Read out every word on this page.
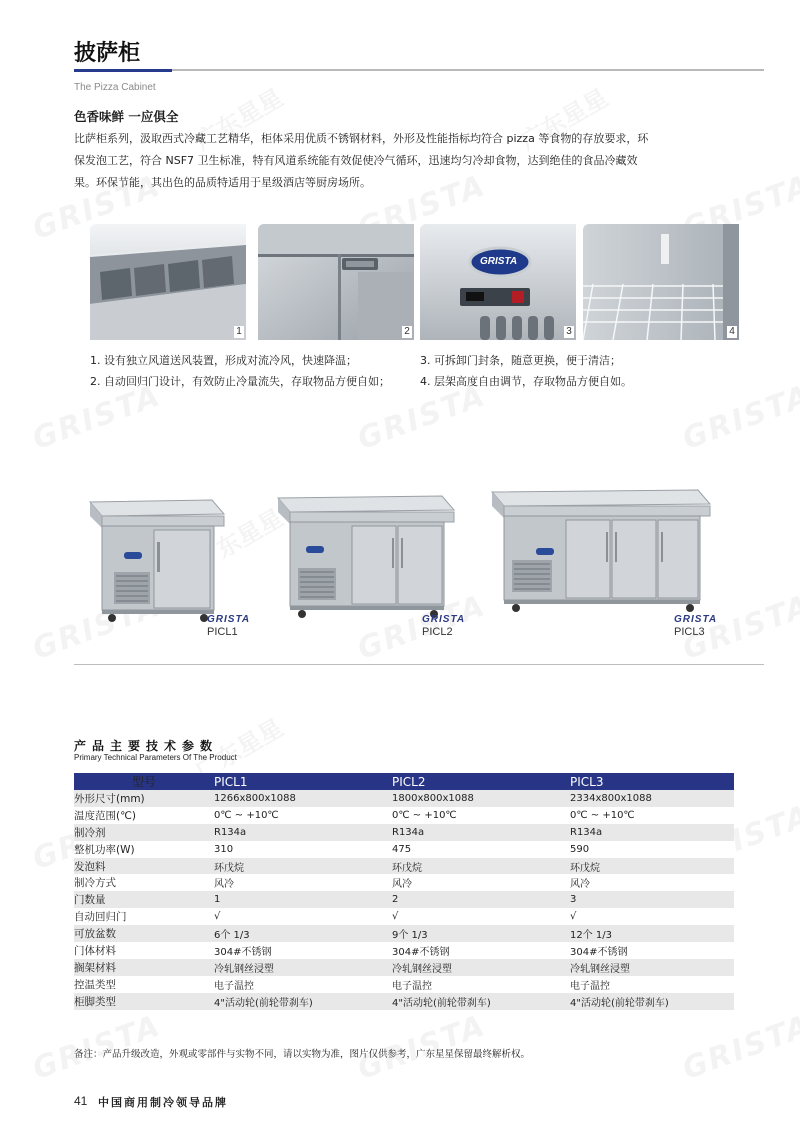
披萨柜
The Pizza Cabinet
色香味鲜 一应俱全
比萨柜系列，汲取西式冷藏工艺精华，柜体采用优质不锈钢材料，外形及性能指标均符合 pizza 等食物的存放要求，环保发泡工艺，符合 NSF7 卫生标准，特有风道系统能有效促使冷气循环，迅速均匀冷却食物，达到绝佳的食品冷藏效果。环保节能，其出色的品质特适用于星级酒店等厨房场所。
1	2
GRISTA
3	4
1. 设有独立风道送风装置，形成对流冷风，快速降温；
2. 自动回归门设计，有效防止冷量流失，存取物品方便自如；
3. 可拆卸门封条，随意更换，便于清洁；
4. 层架高度自由调节，存取物品方便自如。
GRISTA
PICL1
GRISTA
PICL2
GRISTA
PICL3
产品主要技术参数
Primary Technical Parameters Of The Product
型号	PICL1	PICL2	PICL3
外形尺寸(mm)	1266x800x1088	1800x800x1088	2334x800x1088
温度范围(℃)	0℃ ~ +10℃	0℃ ~ +10℃	0℃ ~ +10℃
制冷剂	R134a	R134a	R134a
整机功率(W)	310	475	590
发泡料	环戊烷	环戊烷	环戊烷
制冷方式	风冷	风冷	风冷
门数量	1	2	3
自动回归门	√	√	√
可放盆数	6个 1/3	9个 1/3	12个 1/3
门体材料	304#不锈钢	304#不锈钢	304#不锈钢
搁架材料	冷轧钢丝浸塑	冷轧钢丝浸塑	冷轧钢丝浸塑
控温类型	电子温控	电子温控	电子温控
柜脚类型	4"活动轮(前轮带刹车)	4"活动轮(前轮带刹车)	4"活动轮(前轮带刹车)
备注：产品升级改造，外观或零部件与实物不同，请以实物为准，图片仅供参考，广东星星保留最终解析权。
41 中国商用制冷领导品牌
